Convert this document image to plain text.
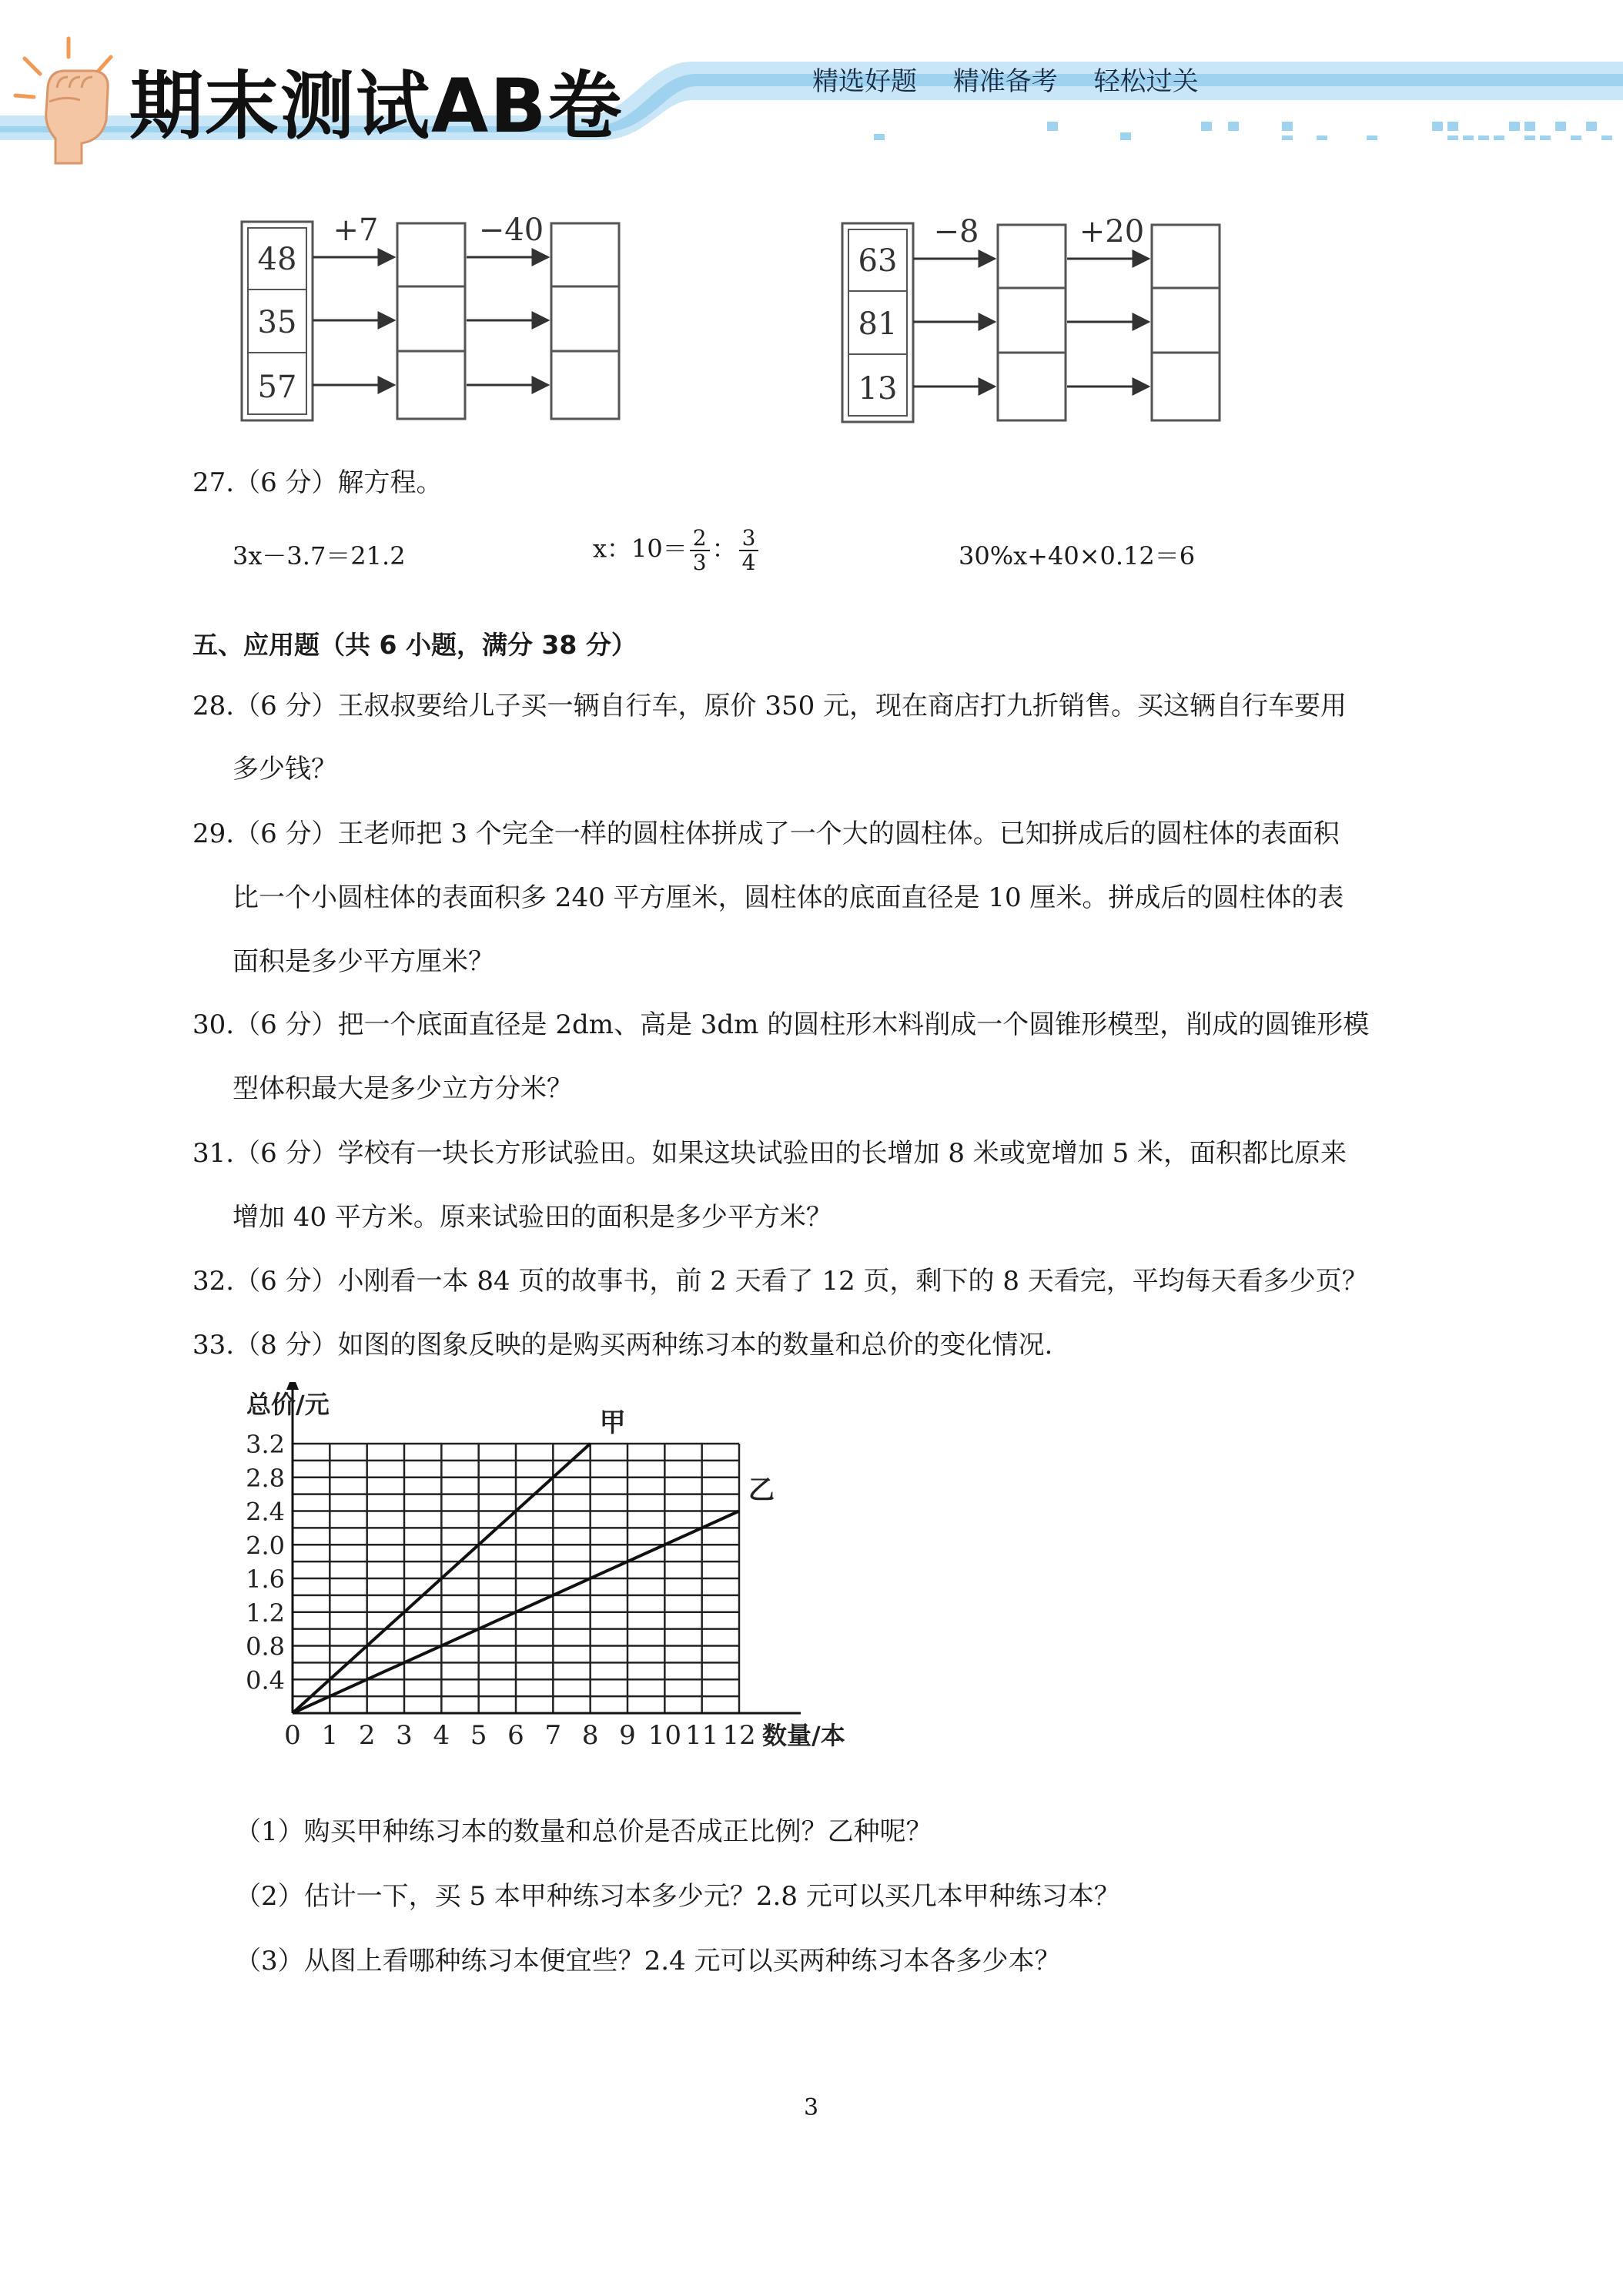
期末测试AB卷	精选好题 精准备考 轻松过关
48
35
57
+7	−40
63
81
13
−8	+20
27.（6 分）解方程。
3x－3.7＝21.2	x：$10= \frac{2}{3}$ ： $\frac{3}{4}$	30%x+40×0.12＝6
五、应用题（共 6 小题，满分 38 分）
28.（6 分）王叔叔要给儿子买一辆自行车，原价 350 元，现在商店打九折销售。买这辆自行车要用
多少钱？
29.（6 分）王老师把 3 个完全一样的圆柱体拼成了一个大的圆柱体。已知拼成后的圆柱体的表面积
比一个小圆柱体的表面积多 240 平方厘米，圆柱体的底面直径是 10 厘米。拼成后的圆柱体的表
面积是多少平方厘米？
30.（6 分）把一个底面直径是 2dm、高是 3dm 的圆柱形木料削成一个圆锥形模型，削成的圆锥形模
型体积最大是多少立方分米？
31.（6 分）学校有一块长方形试验田。如果这块试验田的长增加 8 米或宽增加 5 米，面积都比原来
增加 40 平方米。原来试验田的面积是多少平方米？
32.（6 分）小刚看一本 84 页的故事书，前 2 天看了 12 页，剩下的 8 天看完，平均每天看多少页？
33.（8 分）如图的图象反映的是购买两种练习本的数量和总价的变化情况.
0 1 2 3 4 5 6 7 8 9 10 11 12
0.4
0.8
1.2
1.6
2.0
2.4
2.8
3.2
总价/元
数量/本
甲
乙
（1）购买甲种练习本的数量和总价是否成正比例？乙种呢？
（2）估计一下，买 5 本甲种练习本多少元？2.8 元可以买几本甲种练习本？
（3）从图上看哪种练习本便宜些？2.4 元可以买两种练习本各多少本？
3
